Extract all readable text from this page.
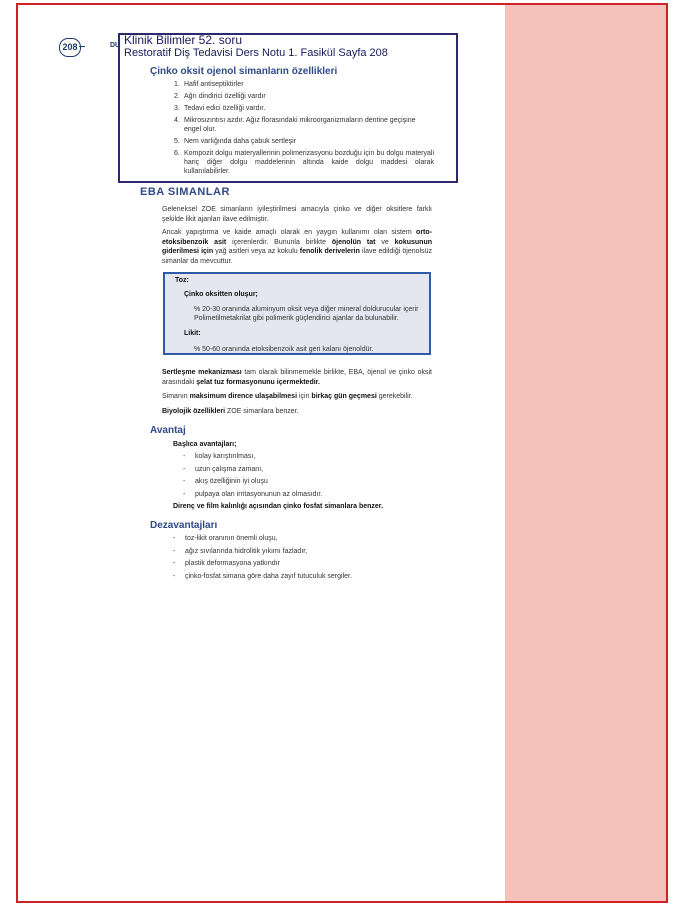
208	DU Klinik Bilimler 52. soru
Restoratif Diş Tedavisi Ders Notu 1. Fasikül Sayfa 208
Çinko oksit ojenol simanların özellikleri
1. Hafif antiseptiktirler
2. Ağrı dindirici özelliği vardır
3. Tedavi edici özelliği vardır.
4. Mikrosızıntısı azdır. Ağız florasındaki mikroorganizmaların dentine geçişine engel olur.
5. Nem varlığında daha çabuk sertleşir
6. Kompozit dolgu materyallerinin polimerizasyonu bozduğu için bu dolgu materyali hariç diğer dolgu maddelerinin altında kaide dolgu maddesi olarak kullanılabilirler.
EBA SIMANLAR
Geleneksel ZOE simanların iyileştirilmesi amacıyla çinko ve diğer oksitlere farklı şekilde likit ajanları ilave edilmiştir.
Ancak yapıştırma ve kaide amaçlı olarak en yaygın kullanımı olan sistem orto-etoksibenzoik asit içerenlerdir. Bununla birlikte öjenolün tat ve kokusunun giderilmesi için yağ asitleri veya az kokulu fenolik derivelerin ilave edildiği öjenolsüz simanlar da mevcuttur.
Toz:
Çinko oksitten oluşur;
% 20-30 oranında aluminyum oksit veya diğer mineral doldurucular içerir
Polimetilmetakrilat gibi polimerik güçlendirici ajanlar da bulunabilir.
Likit:
% 50-60 oranında etoksibenzoik asit geri kalanı öjenoldür.
Sertleşme mekanizması tam olarak bilinmemekle birlikte, EBA, öjenol ve çinko oksit arasındaki şelat tuz formasyonunu içermektedir.
Simanın maksimum dirence ulaşabilmesi için birkaç gün geçmesi gerekebilir.
Biyolojik özellikleri ZOE simanlara benzer.
Avantaj
Başlıca avantajları;
- kolay karıştırılması,
- uzun çalışma zamanı,
- akış özelliğinin iyi oluşu
- pulpaya olan irritasyonunun az olmasıdır.
Direnç ve film kalınlığı açısından çinko fosfat simanlara benzer.
Dezavantajları
- toz-likit oranının önemli oluşu,
- ağız sıvılarında hidrolitik yıkımı fazladır,
- plastik deformasyona yatkındır
- çinko-fosfat simana göre daha zayıf tutuculuk sergiler.
